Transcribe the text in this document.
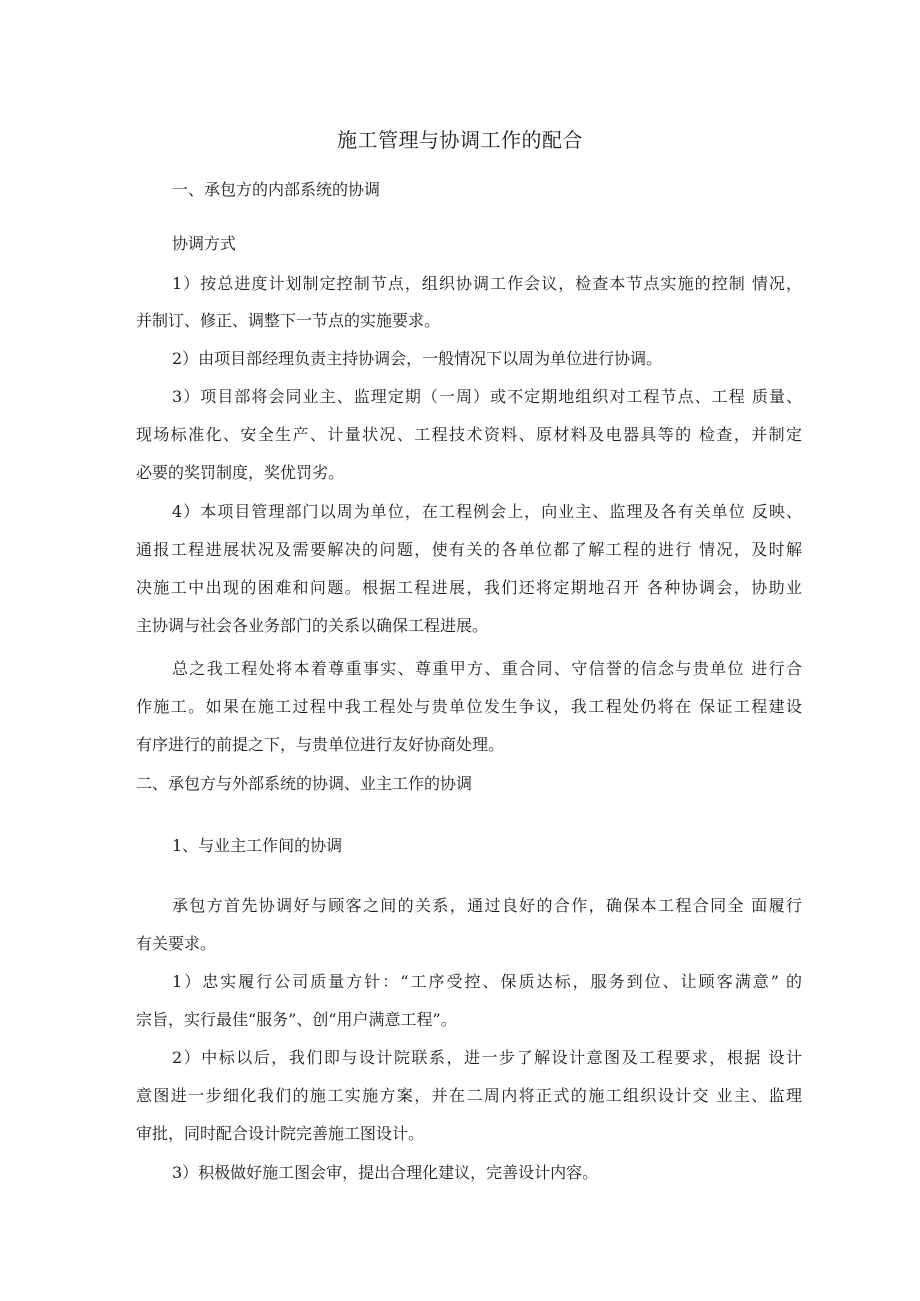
施工管理与协调工作的配合
一、承包方的内部系统的协调
协调方式
1）按总进度计划制定控制节点，组织协调工作会议，检查本节点实施的控制 情况，
并制订、修正、调整下一节点的实施要求。
2）由项目部经理负责主持协调会，一般情况下以周为单位进行协调。
3）项目部将会同业主、监理定期（一周）或不定期地组织对工程节点、工程 质量、
现场标准化、安全生产、计量状况、工程技术资料、原材料及电器具等的 检查，并制定
必要的奖罚制度，奖优罚劣。
4）本项目管理部门以周为单位，在工程例会上，向业主、监理及各有关单位 反映、
通报工程进展状况及需要解决的问题，使有关的各单位都了解工程的进行 情况，及时解
决施工中出现的困难和问题。根据工程进展，我们还将定期地召开 各种协调会，协助业
主协调与社会各业务部门的关系以确保工程进展。
总之我工程处将本着尊重事实、尊重甲方、重合同、守信誉的信念与贵单位 进行合
作施工。如果在施工过程中我工程处与贵单位发生争议，我工程处仍将在 保证工程建设
有序进行的前提之下，与贵单位进行友好协商处理。
二、承包方与外部系统的协调、业主工作的协调
1、与业主工作间的协调
承包方首先协调好与顾客之间的关系，通过良好的合作，确保本工程合同全 面履行
有关要求。
1）忠实履行公司质量方针：“工序受控、保质达标，服务到位、让顾客满意” 的
宗旨，实行最佳“服务”、创“用户满意工程”。
2）中标以后，我们即与设计院联系，进一步了解设计意图及工程要求，根据 设计
意图进一步细化我们的施工实施方案，并在二周内将正式的施工组织设计交 业主、监理
审批，同时配合设计院完善施工图设计。
3）积极做好施工图会审，提出合理化建议，完善设计内容。
